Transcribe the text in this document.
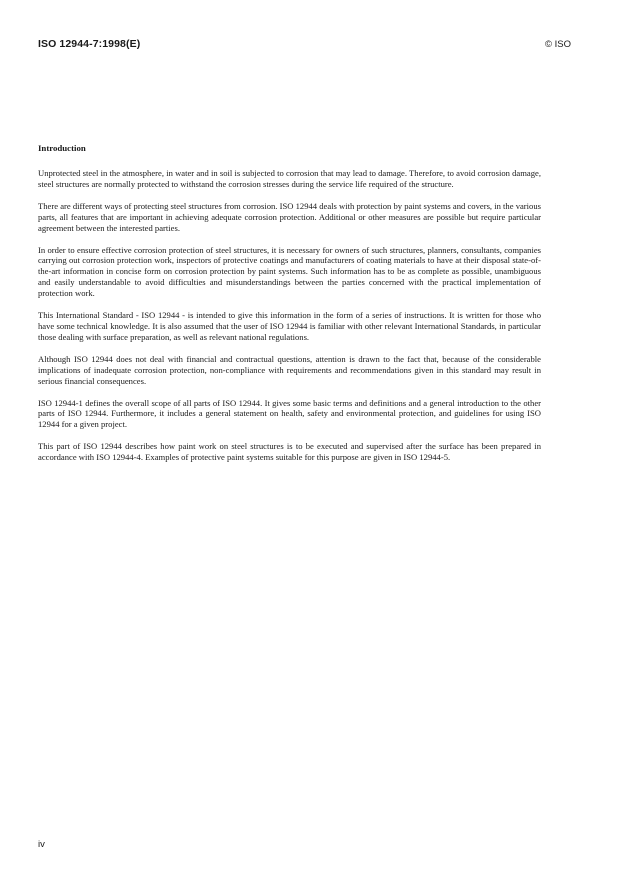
ISO 12944-7:1998(E)	© ISO
Introduction

Unprotected steel in the atmosphere, in water and in soil is subjected to corrosion that may lead to damage. Therefore, to avoid corrosion damage, steel structures are normally protected to withstand the corrosion stresses during the service life required of the structure.

There are different ways of protecting steel structures from corrosion. ISO 12944 deals with protection by paint systems and covers, in the various parts, all features that are important in achieving adequate corrosion protection. Additional or other measures are possible but require particular agreement between the interested parties.

In order to ensure effective corrosion protection of steel structures, it is necessary for owners of such structures, planners, consultants, companies carrying out corrosion protection work, inspectors of protective coatings and manufacturers of coating materials to have at their disposal state-of-the-art information in concise form on corrosion protection by paint systems. Such information has to be as complete as possible, unambiguous and easily understandable to avoid difficulties and misunderstandings between the parties concerned with the practical implementation of protection work.

This International Standard - ISO 12944 - is intended to give this information in the form of a series of instructions. It is written for those who have some technical knowledge. It is also assumed that the user of ISO 12944 is familiar with other relevant International Standards, in particular those dealing with surface preparation, as well as relevant national regulations.

Although ISO 12944 does not deal with financial and contractual questions, attention is drawn to the fact that, because of the considerable implications of inadequate corrosion protection, non-compliance with requirements and recommendations given in this standard may result in serious financial consequences.

ISO 12944-1 defines the overall scope of all parts of ISO 12944. It gives some basic terms and definitions and a general introduction to the other parts of ISO 12944. Furthermore, it includes a general statement on health, safety and environmental protection, and guidelines for using ISO 12944 for a given project.

This part of ISO 12944 describes how paint work on steel structures is to be executed and supervised after the surface has been prepared in accordance with ISO 12944-4. Examples of protective paint systems suitable for this purpose are given in ISO 12944-5.

iv
